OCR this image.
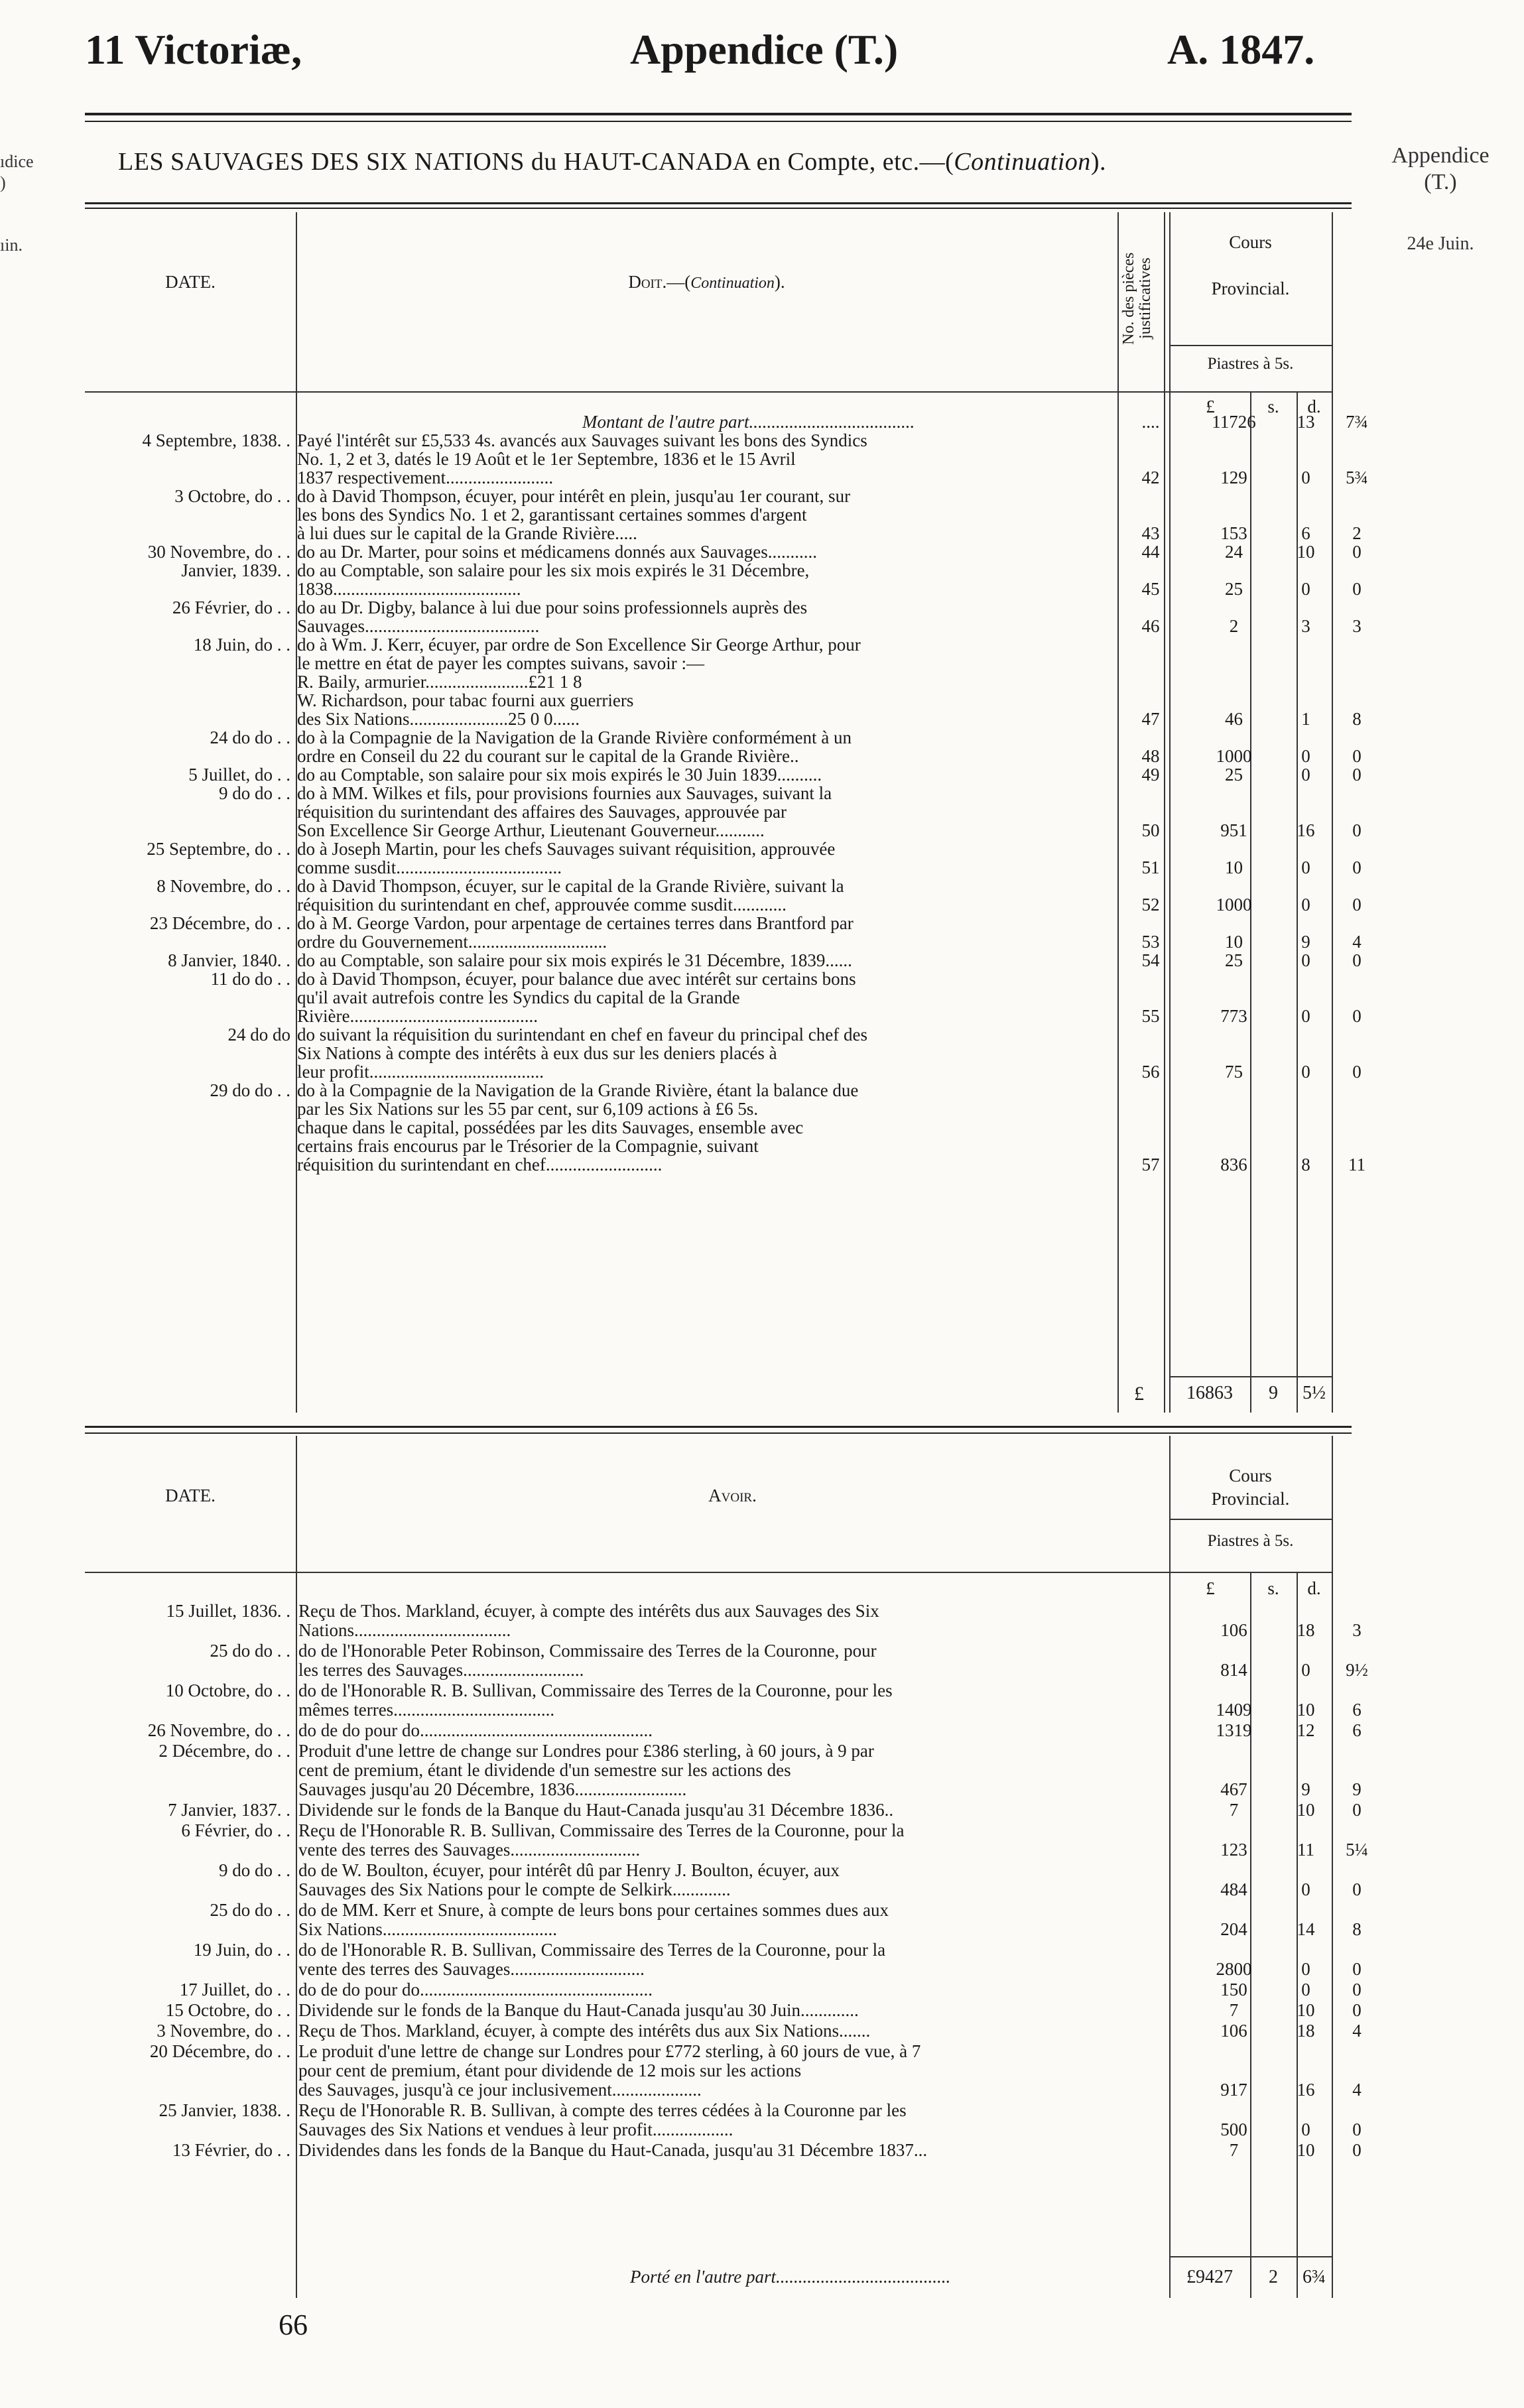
11 Victoriæ,	Appendice (T.)	A. 1847.
ıdice
)
ıin.
Appendice
(T.)
24e Juin.
LES SAUVAGES DES SIX NATIONS du HAUT-CANADA en Compte, etc.—(Continuation).
DATE.	Doit.—(Continuation).	No. des pièces justificatives
Cours
Provincial.
Piastres à 5s.
£	s.	d.
Montant de l'autre part.....................................	....	11726	13	7¾
4 Septembre, 1838. . Payé l'intérêt sur £5,533 4s. avancés aux Sauvages suivant les bons des Syndics
No. 1, 2 et 3, datés le 19 Août et le 1er Septembre, 1836 et le 15 Avril
1837 respectivement........................	42	129	0	5¾
3 Octobre, do . . do à David Thompson, écuyer, pour intérêt en plein, jusqu'au 1er courant, sur
les bons des Syndics No. 1 et 2, garantissant certaines sommes d'argent
à lui dues sur le capital de la Grande Rivière.....	43	153	6	2
30 Novembre, do . . do au Dr. Marter, pour soins et médicamens donnés aux Sauvages...........	44	24	10	0
Janvier, 1839. . do au Comptable, son salaire pour les six mois expirés le 31 Décembre,
1838..........................................	45	25	0	0
26 Février, do . . do au Dr. Digby, balance à lui due pour soins professionnels auprès des
Sauvages.......................................	46	2	3	3
18 Juin, do . . do à Wm. J. Kerr, écuyer, par ordre de Son Excellence Sir George Arthur, pour
le mettre en état de payer les comptes suivans, savoir :—
R. Baily, armurier.......................£21 1 8
W. Richardson, pour tabac fourni aux guerriers
des Six Nations......................25 0 0......	47	46	1	8
24 do do . . do à la Compagnie de la Navigation de la Grande Rivière conformément à un
ordre en Conseil du 22 du courant sur le capital de la Grande Rivière..	48	1000	0	0
5 Juillet, do . . do au Comptable, son salaire pour six mois expirés le 30 Juin 1839..........	49	25	0	0
9 do do . . do à MM. Wilkes et fils, pour provisions fournies aux Sauvages, suivant la
réquisition du surintendant des affaires des Sauvages, approuvée par
Son Excellence Sir George Arthur, Lieutenant Gouverneur...........	50	951	16	0
25 Septembre, do . . do à Joseph Martin, pour les chefs Sauvages suivant réquisition, approuvée
comme susdit.....................................	51	10	0	0
8 Novembre, do . . do à David Thompson, écuyer, sur le capital de la Grande Rivière, suivant la
réquisition du surintendant en chef, approuvée comme susdit............	52	1000	0	0
23 Décembre, do . . do à M. George Vardon, pour arpentage de certaines terres dans Brantford par
ordre du Gouvernement...............................	53	10	9	4
8 Janvier, 1840. . do au Comptable, son salaire pour six mois expirés le 31 Décembre, 1839......	54	25	0	0
11 do do . . do à David Thompson, écuyer, pour balance due avec intérêt sur certains bons
qu'il avait autrefois contre les Syndics du capital de la Grande
Rivière..........................................	55	773	0	0
24 do do do suivant la réquisition du surintendant en chef en faveur du principal chef des
Six Nations à compte des intérêts à eux dus sur les deniers placés à
leur profit.......................................	56	75	0	0
29 do do . . do à la Compagnie de la Navigation de la Grande Rivière, étant la balance due
par les Six Nations sur les 55 par cent, sur 6,109 actions à £6 5s.
chaque dans le capital, possédées par les dits Sauvages, ensemble avec
certains frais encourus par le Trésorier de la Compagnie, suivant
réquisition du surintendant en chef..........................	57	836	8	11
£	16863	9	5½
DATE.	Avoir.
Cours
Provincial.
Piastres à 5s.
£	s.	d.
15 Juillet, 1836. . Reçu de Thos. Markland, écuyer, à compte des intérêts dus aux Sauvages des Six
Nations...................................	106	18	3
25 do do . . do de l'Honorable Peter Robinson, Commissaire des Terres de la Couronne, pour
les terres des Sauvages...........................	814	0	9½
10 Octobre, do . . do de l'Honorable R. B. Sullivan, Commissaire des Terres de la Couronne, pour les
mêmes terres....................................	1409	10	6
26 Novembre, do . . do de do pour do....................................................	1319	12	6
2 Décembre, do . . Produit d'une lettre de change sur Londres pour £386 sterling, à 60 jours, à 9 par
cent de premium, étant le dividende d'un semestre sur les actions des
Sauvages jusqu'au 20 Décembre, 1836.........................	467	9	9
7 Janvier, 1837. . Dividende sur le fonds de la Banque du Haut-Canada jusqu'au 31 Décembre 1836..	7	10	0
6 Février, do . . Reçu de l'Honorable R. B. Sullivan, Commissaire des Terres de la Couronne, pour la
vente des terres des Sauvages.............................	123	11	5¼
9 do do . . do de W. Boulton, écuyer, pour intérêt dû par Henry J. Boulton, écuyer, aux
Sauvages des Six Nations pour le compte de Selkirk.............	484	0	0
25 do do . . do de MM. Kerr et Snure, à compte de leurs bons pour certaines sommes dues aux
Six Nations.......................................	204	14	8
19 Juin, do . . do de l'Honorable R. B. Sullivan, Commissaire des Terres de la Couronne, pour la
vente des terres des Sauvages..............................	2800	0	0
17 Juillet, do . . do de do pour do....................................................	150	0	0
15 Octobre, do . . Dividende sur le fonds de la Banque du Haut-Canada jusqu'au 30 Juin.............	7	10	0
3 Novembre, do . . Reçu de Thos. Markland, écuyer, à compte des intérêts dus aux Six Nations.......	106	18	4
20 Décembre, do . . Le produit d'une lettre de change sur Londres pour £772 sterling, à 60 jours de vue, à 7
pour cent de premium, étant pour dividende de 12 mois sur les actions
des Sauvages, jusqu'à ce jour inclusivement....................	917	16	4
25 Janvier, 1838. . Reçu de l'Honorable R. B. Sullivan, à compte des terres cédées à la Couronne par les
Sauvages des Six Nations et vendues à leur profit..................	500	0	0
13 Février, do . . Dividendes dans les fonds de la Banque du Haut-Canada, jusqu'au 31 Décembre 1837...	7	10	0
Porté en l'autre part.......................................	£9427	2	6¾
66
